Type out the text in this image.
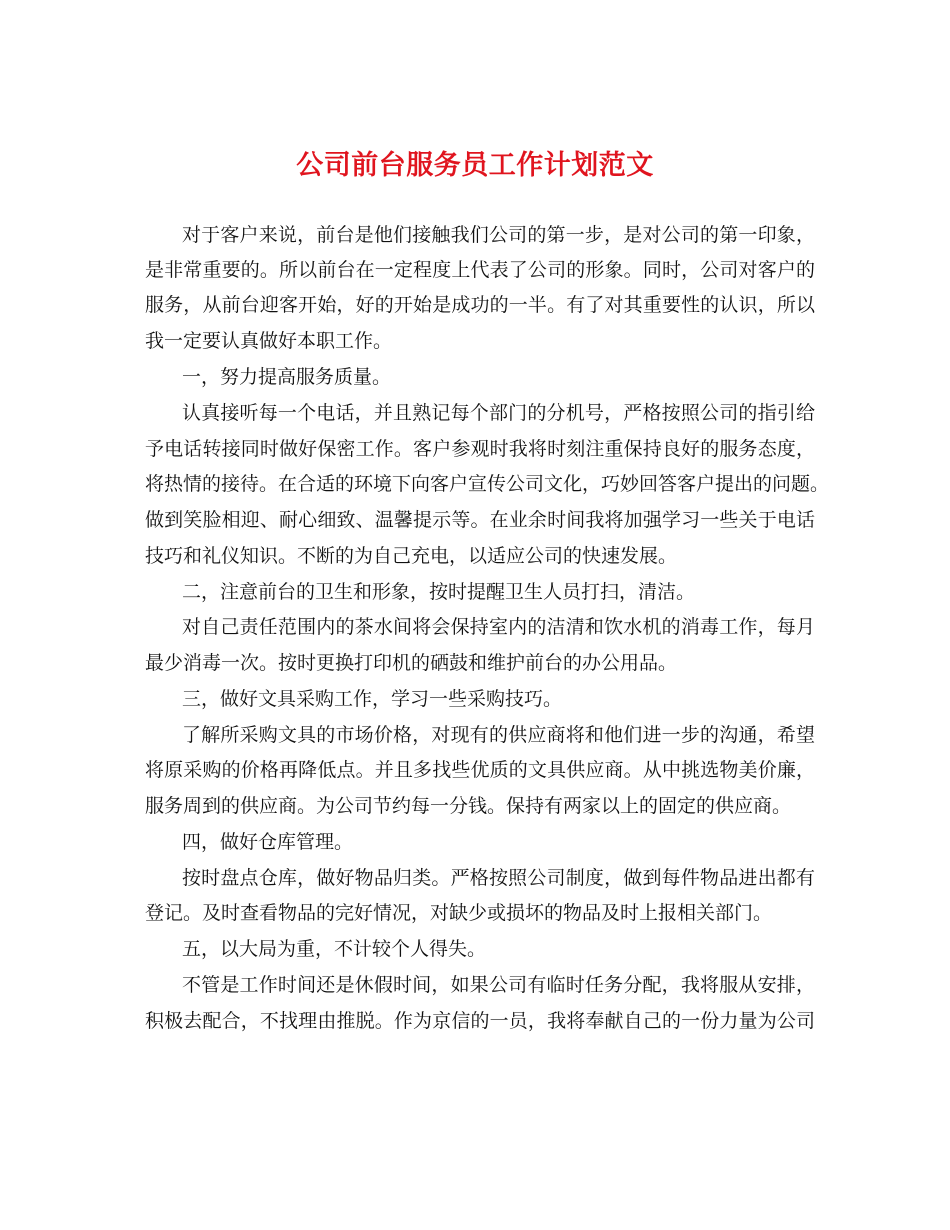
公司前台服务员工作计划范文
对于客户来说，前台是他们接触我们公司的第一步，是对公司的第一印象，
是非常重要的。所以前台在一定程度上代表了公司的形象。同时，公司对客户的
服务，从前台迎客开始，好的开始是成功的一半。有了对其重要性的认识，所以
我一定要认真做好本职工作。
一，努力提高服务质量。
认真接听每一个电话，并且熟记每个部门的分机号，严格按照公司的指引给
予电话转接同时做好保密工作。客户参观时我将时刻注重保持良好的服务态度，
将热情的接待。在合适的环境下向客户宣传公司文化，巧妙回答客户提出的问题。
做到笑脸相迎、耐心细致、温馨提示等。在业余时间我将加强学习一些关于电话
技巧和礼仪知识。不断的为自己充电，以适应公司的快速发展。
二，注意前台的卫生和形象，按时提醒卫生人员打扫，清洁。
对自己责任范围内的茶水间将会保持室内的洁清和饮水机的消毒工作，每月
最少消毒一次。按时更换打印机的硒鼓和维护前台的办公用品。
三，做好文具采购工作，学习一些采购技巧。
了解所采购文具的市场价格，对现有的供应商将和他们进一步的沟通，希望
将原采购的价格再降低点。并且多找些优质的文具供应商。从中挑选物美价廉，
服务周到的供应商。为公司节约每一分钱。保持有两家以上的固定的供应商。
四，做好仓库管理。
按时盘点仓库，做好物品归类。严格按照公司制度，做到每件物品进出都有
登记。及时查看物品的完好情况，对缺少或损坏的物品及时上报相关部门。
五，以大局为重，不计较个人得失。
不管是工作时间还是休假时间，如果公司有临时任务分配，我将服从安排，
积极去配合，不找理由推脱。作为京信的一员，我将奉献自己的一份力量为公司
